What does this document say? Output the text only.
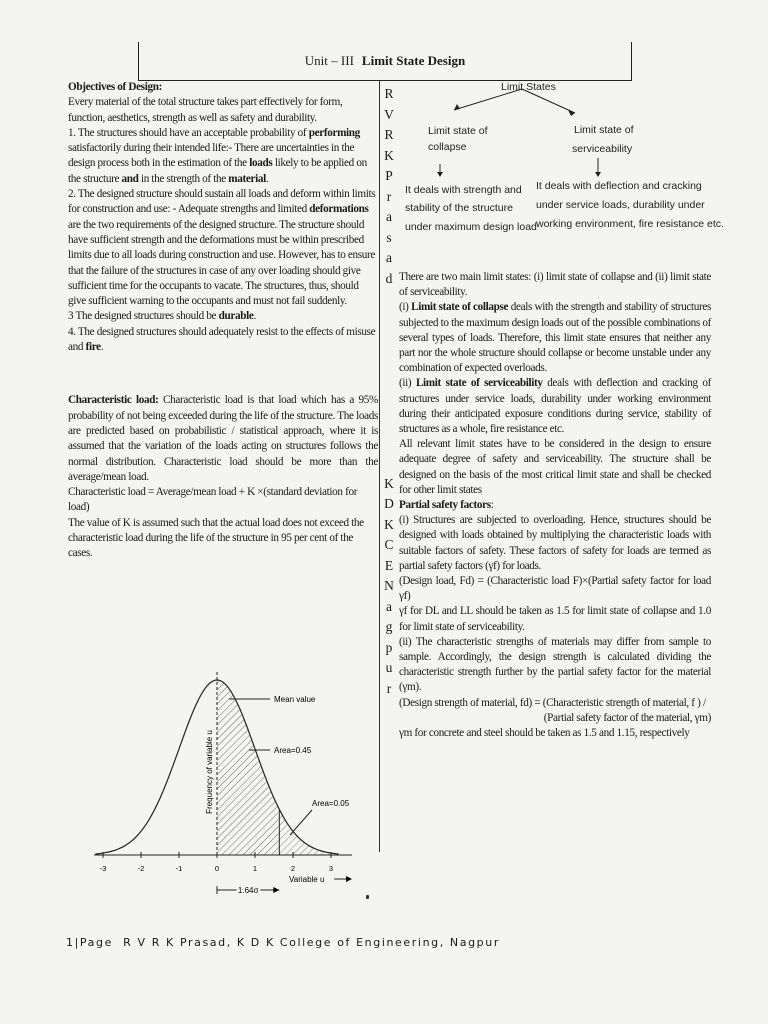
Unit – III Limit State Design
R
V
R
K
P
r
a
s
a
d
K
D
K
C
E
N
a
g
p
u
r

Objectives of Design:

Every material of the total structure takes part effectively for form, function, aesthetics, strength as well as safety and durability.

1. The structures should have an acceptable probability of performing satisfactorily during their intended life:- There are uncertainties in the design process both in the estimation of the loads likely to be applied on the structure and in the strength of the material.

2. The designed structure should sustain all loads and deform within limits for construction and use: - Adequate strengths and limited deformations are the two requirements of the designed structure. The structure should have sufficient strength and the deformations must be within prescribed limits due to all loads during construction and use. However, has to ensure that the failure of the structures in case of any over loading should give sufficient time for the occupants to vacate. The structures, thus, should give sufficient warning to the occupants and must not fail suddenly.

3 The designed structures should be durable.

4. The designed structures should adequately resist to the effects of misuse and fire.

Characteristic load: Characteristic load is that load which has a 95% probability of not being exceeded during the life of the structure. The loads are predicted based on probabilistic / statistical approach, where it is assumed that the variation of the loads acting on structures follows the normal distribution. Characteristic load should be more than the average/mean load.

Characteristic load = Average/mean load + K ×(standard deviation for load)

The value of K is assumed such that the actual load does not exceed the characteristic load during the life of the structure in 95 per cent of the cases.

Limit States
Limit state of
collapse
Limit state of
serviceability
It deals with strength and
stability of the structure
under maximum design load
It deals with deflection and cracking
under service loads, durability under
working environment, fire resistance etc.

There are two main limit states: (i) limit state of collapse and (ii) limit state of serviceability.

(i) Limit state of collapse deals with the strength and stability of structures subjected to the maximum design loads out of the possible combinations of several types of loads. Therefore, this limit state ensures that neither any part nor the whole structure should collapse or become unstable under any combination of expected overloads.

(ii) Limit state of serviceability deals with deflection and cracking of structures under service loads, durability under working environment during their anticipated exposure conditions during service, stability of structures as a whole, fire resistance etc.

All relevant limit states have to be considered in the design to ensure adequate degree of safety and serviceability. The structure shall be designed on the basis of the most critical limit state and shall be checked for other limit states

Partial safety factors:

(i) Structures are subjected to overloading. Hence, structures should be designed with loads obtained by multiplying the characteristic loads with suitable factors of safety. These factors of safety for loads are termed as partial safety factors (γf) for loads.

(Design load, Fd) = (Characteristic load F)×(Partial safety factor for load γf)

γf for DL and LL should be taken as 1.5 for limit state of collapse and 1.0 for limit state of serviceability.

(ii) The characteristic strengths of materials may differ from sample to sample. Accordingly, the design strength is calculated dividing the characteristic strength further by the partial safety factor for the material (γm).

(Design strength of material, fd) = (Characteristic strength of material, f ) /

(Partial safety factor of the material, γm)

γm for concrete and steel should be taken as 1.5 and 1.15, respectively

-3	-2	-1	0	1	2	3
Mean value
Area=0.45
Area=0.05
Frequency of variable u
Variable u
1.64σ
1|Page R V R K Prasad, K D K College of Engineering, Nagpur
